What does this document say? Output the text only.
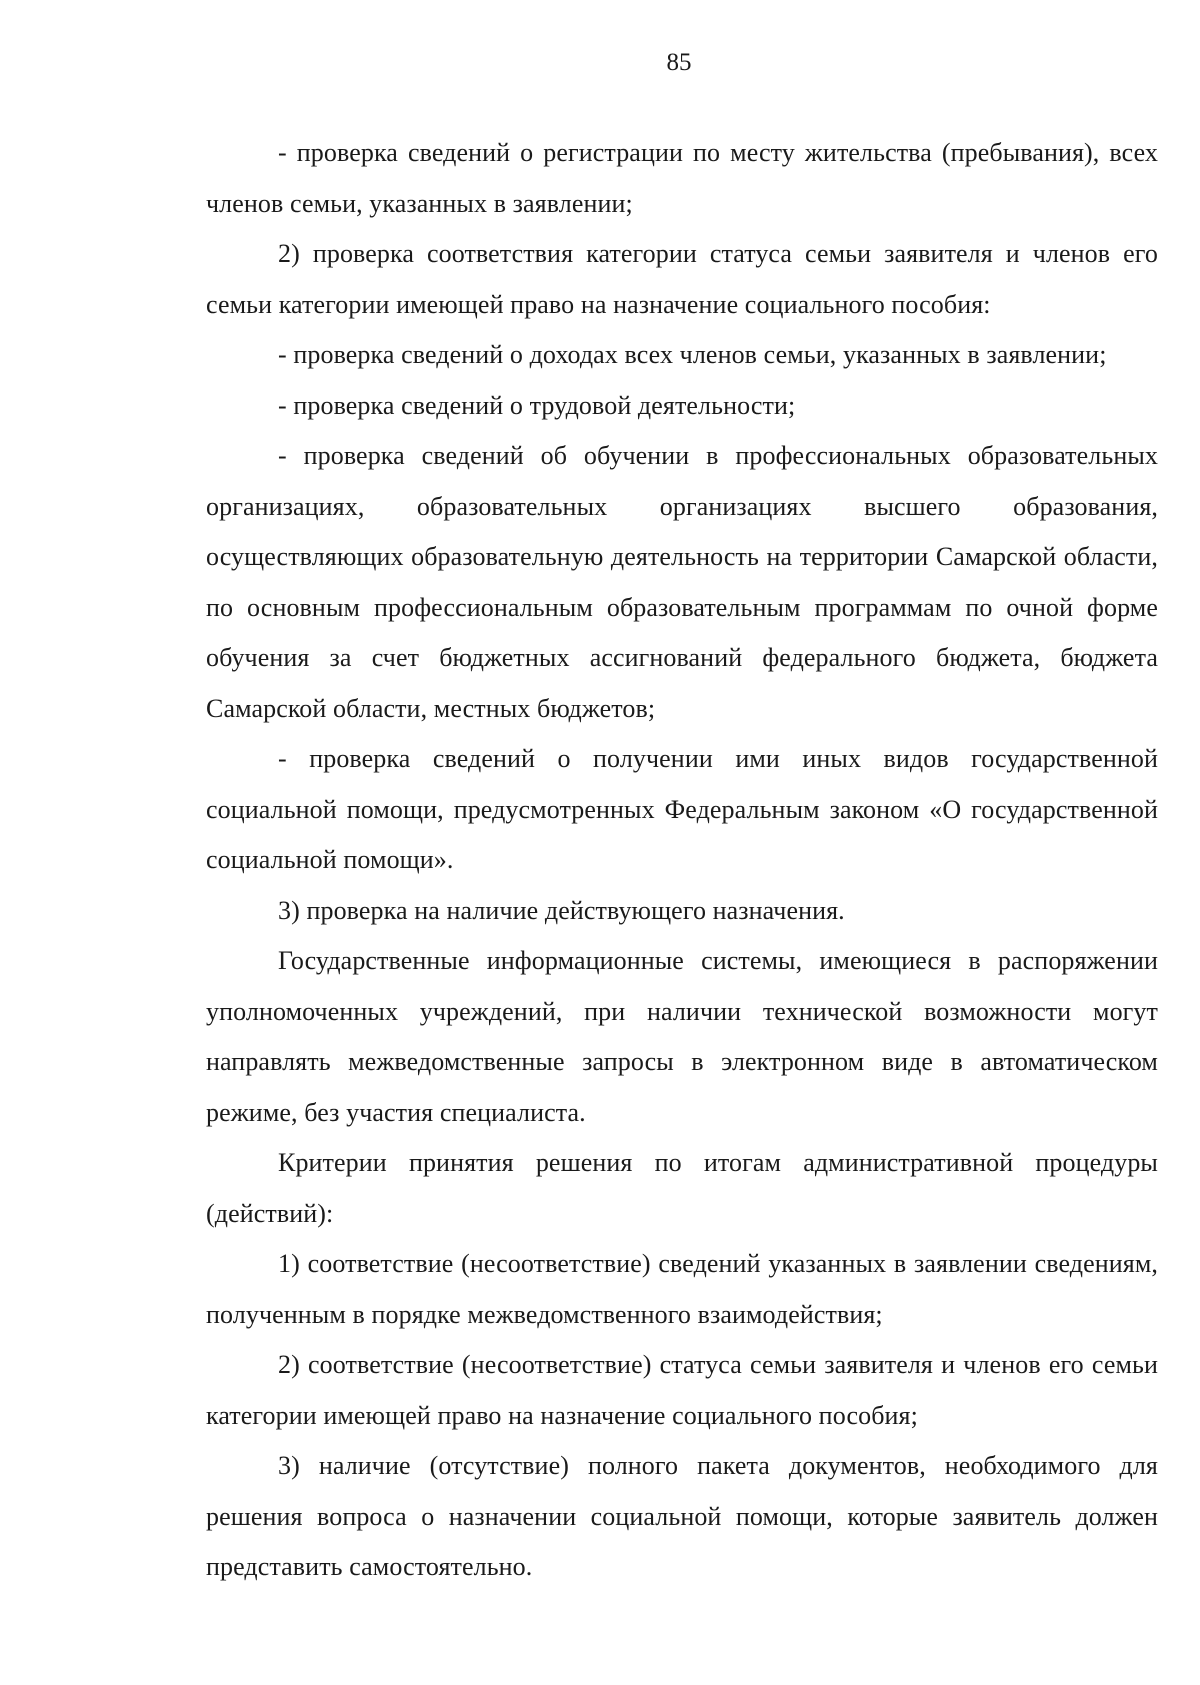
85

- проверка сведений о регистрации по месту жительства (пребывания), всех членов семьи, указанных в заявлении;

2) проверка соответствия категории статуса семьи заявителя и членов его семьи категории имеющей право на назначение социального пособия:

- проверка сведений о доходах всех членов семьи, указанных в заявлении;

- проверка сведений о трудовой деятельности;

- проверка сведений об обучении в профессиональных образовательных организациях, образовательных организациях высшего образования, осуществляющих образовательную деятельность на территории Самарской области, по основным профессиональным образовательным программам по очной форме обучения за счет бюджетных ассигнований федерального бюджета, бюджета Самарской области, местных бюджетов;

- проверка сведений о получении ими иных видов государственной социальной помощи, предусмотренных Федеральным законом «О государственной социальной помощи».

3) проверка на наличие действующего назначения.

Государственные информационные системы, имеющиеся в распоряжении уполномоченных учреждений, при наличии технической возможности могут направлять межведомственные запросы в электронном виде в автоматическом режиме, без участия специалиста.

Критерии принятия решения по итогам административной процедуры (действий):

1) соответствие (несоответствие) сведений указанных в заявлении сведениям, полученным в порядке межведомственного взаимодействия;

2) соответствие (несоответствие) статуса семьи заявителя и членов его семьи категории имеющей право на назначение социального пособия;

3) наличие (отсутствие) полного пакета документов, необходимого для решения вопроса о назначении социальной помощи, которые заявитель должен представить самостоятельно.
